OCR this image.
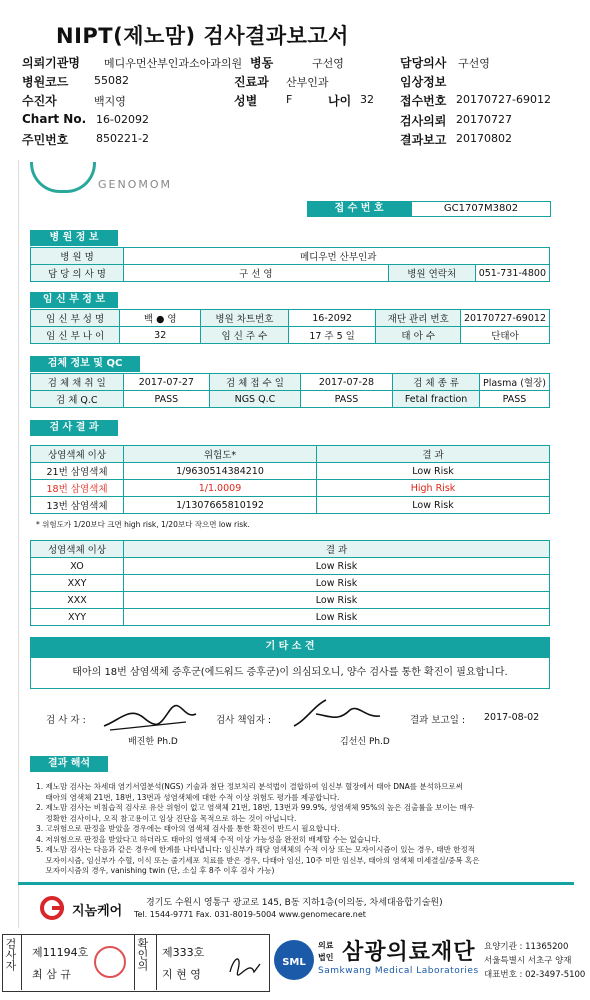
NIPT(제노맘) 검사결과보고서
의뢰기관명 메디우먼산부인과소아과의원 병동	구선영	담당의사 구선영
병원코드 55082	진료과 산부인과	임상정보
수진자	백지영	성별	F	나이 32 접수번호 20170727-69012
Chart No. 16-02092	검사의뢰 20170727
주민번호	850221-2	결과보고 20170802
GENOMOM
접 수 번 호	GC1707M3802
병 원 정 보
병 원 명	메디우먼 산부인과		
담 당 의 사 명	구 선 영	병원 연락처	051-731-4800
임 신 부 정 보
임 신 부 성 명	백 ● 영	병원 차트번호	16-2092	재단 관리 번호	20170727-69012
임 신 부 나 이	32	임 신 주 수	17 주 5 일	태 아 수	단태아
검체 정보 및 QC
검 체 채 취 일	2017-07-27	검 체 접 수 일	2017-07-28	검 체 종 류	Plasma (혈장)
검 체 Q.C	PASS	NGS Q.C	PASS	Fetal fraction	PASS
검 사 결 과
상염색체 이상	위험도*	결 과
21번 삼염색체	1/9630514384210	Low Risk
18번 삼염색체	1/1.0009	High Risk
13번 삼염색체	1/1307665810192	Low Risk
* 위험도가 1/20보다 크면 high risk, 1/20보다 작으면 low risk.
성염색체 이상	결 과
XO	Low Risk
XXY	Low Risk
XXX	Low Risk
XYY	Low Risk
기 타 소 견
태아의 18번 삼염색체 증후군(에드워드 증후군)이 의심되오니, 양수 검사를 통한 확진이 필요합니다.
검 사 자 :
배진한 Ph.D
검사 책임자 :
김선신 Ph.D
결과 보고일 : 2017-08-02
결과 해석
1. 제노맘 검사는 차세대 염기서열분석(NGS) 기술과 첨단 정보처리 분석법이 결합하여 임신부 혈장에서 태아 DNA를 분석하므로써
태아의 염색체 21번, 18번, 13번과 성염색체에 대한 수적 이상 위험도 평가를 제공합니다.
2. 제노맘 검사는 비침습적 검사로 유산 위험이 없고 염색체 21번, 18번, 13번과 99.9%, 성염색체 95%의 높은 검출률을 보이는 매우
정확한 검사이나, 오직 참고용이고 임상 진단을 목적으로 하는 것이 아닙니다.
3. 고위험으로 판정을 받았을 경우에는 태아의 염색체 검사를 통한 확진이 반드시 필요합니다.
4. 저위험으로 판정을 받았다고 하더라도 태아의 염색체 수적 이상 가능성을 완전히 배제할 수는 없습니다.
5. 제노맘 검사는 다음과 같은 경우에 한계를 나타냅니다: 임신부가 해당 염색체의 수적 이상 또는 모자이시즘이 있는 경우, 태반 한정적
모자이시즘, 임신부가 수혈, 이식 또는 줄기세포 치료를 받은 경우, 다태아 임신, 10주 미만 임신부, 태아의 염색체 미세결실/중복 혹은
모자이시즘의 경우, vanishing twin (단, 소실 후 8주 이후 검사 가능)
지놈케어
경기도 수원시 영통구 광교로 145, B동 지하1층(이의동, 차세대융합기술원)
Tel. 1544-9771 Fax. 031-8019-5004 www.genomecare.net
검사자 제11194호
최 삼 규
확인의 제333호
지 현 영
SML
의료
법인 삼광의료재단
Samkwang Medical Laboratories
요양기관 : 11365200
서울특별시 서초구 양재
대표번호 : 02-3497-5100
